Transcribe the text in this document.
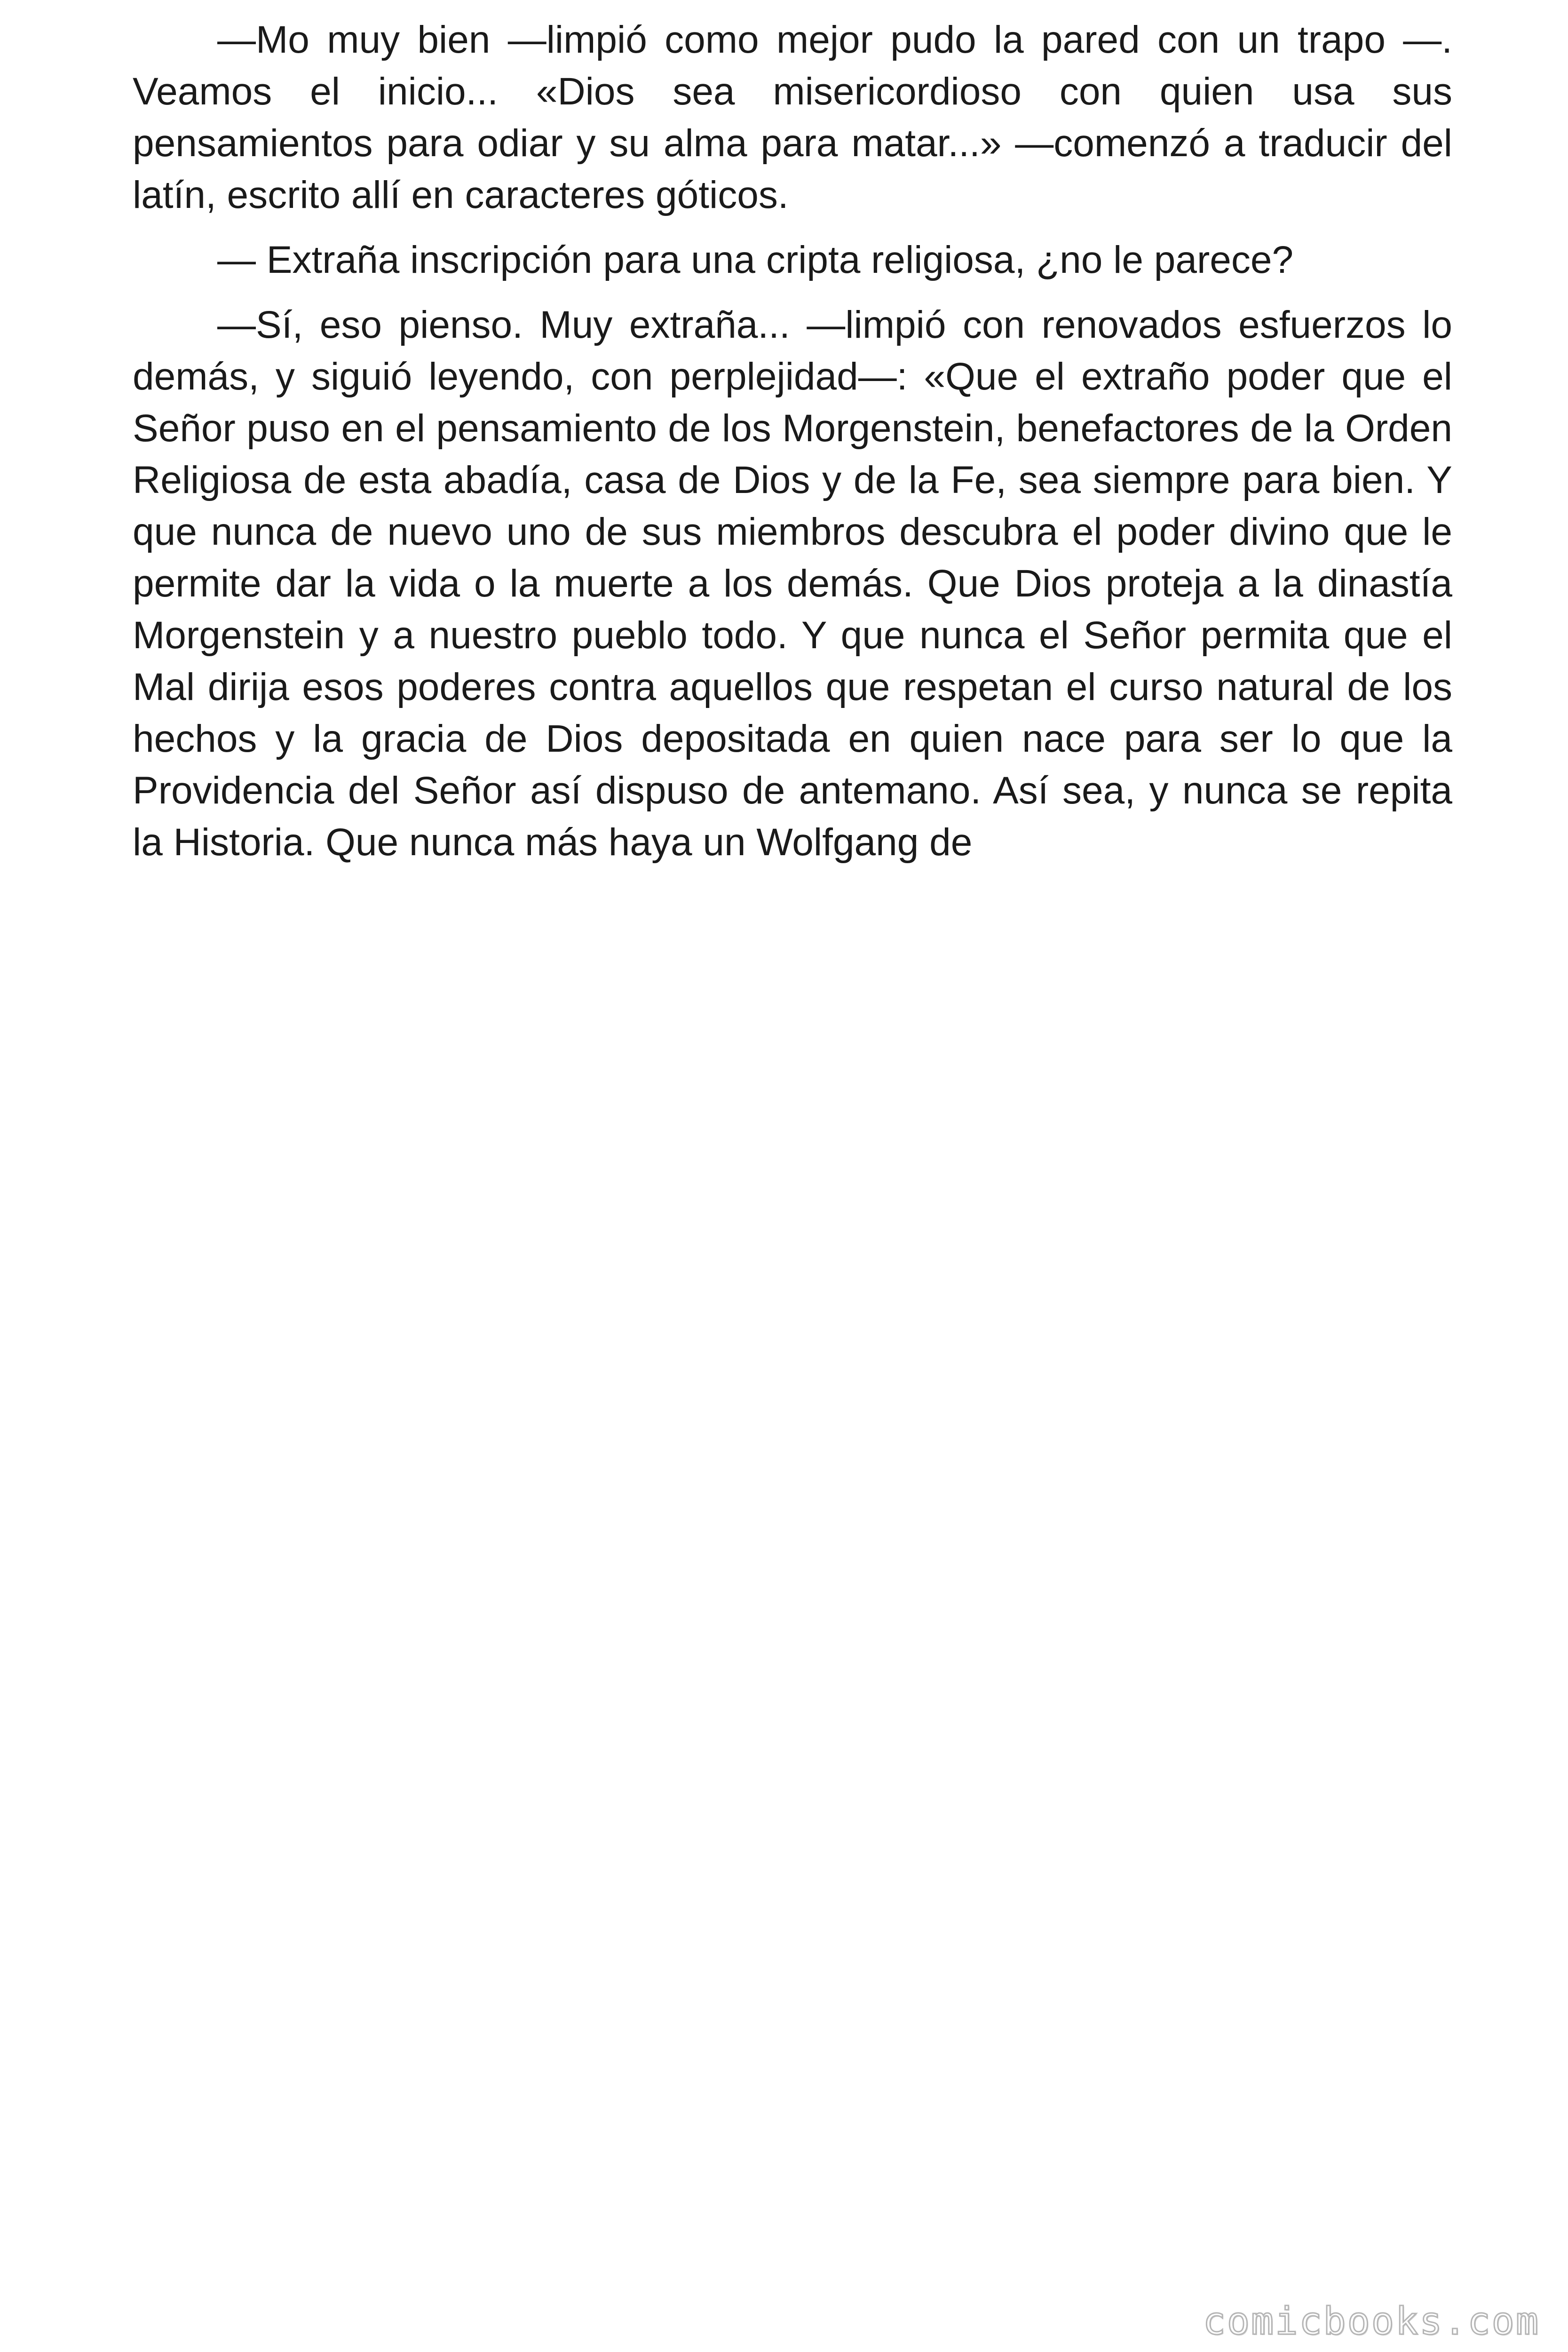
—Mo muy bien —limpió como mejor pudo la pared con un trapo —. Veamos el inicio... «Dios sea misericordioso con quien usa sus pensamientos para odiar y su alma para matar...» —comenzó a traducir del latín, escrito allí en caracteres góticos.

— Extraña inscripción para una cripta religiosa, ¿no le parece?

—Sí, eso pienso. Muy extraña... —limpió con renovados esfuerzos lo demás, y siguió leyendo, con perplejidad—: «Que el extraño poder que el Señor puso en el pensamiento de los Morgenstein, benefactores de la Orden Religiosa de esta abadía, casa de Dios y de la Fe, sea siempre para bien. Y que nunca de nuevo uno de sus miembros descubra el poder divino que le permite dar la vida o la muerte a los demás. Que Dios proteja a la dinastía Morgenstein y a nuestro pueblo todo. Y que nunca el Señor permita que el Mal dirija esos poderes contra aquellos que respetan el curso natural de los hechos y la gracia de Dios depositada en quien nace para ser lo que la Providencia del Señor así dispuso de antemano. Así sea, y nunca se repita la Historia. Que nunca más haya un Wolfgang de

comicbooks.com
